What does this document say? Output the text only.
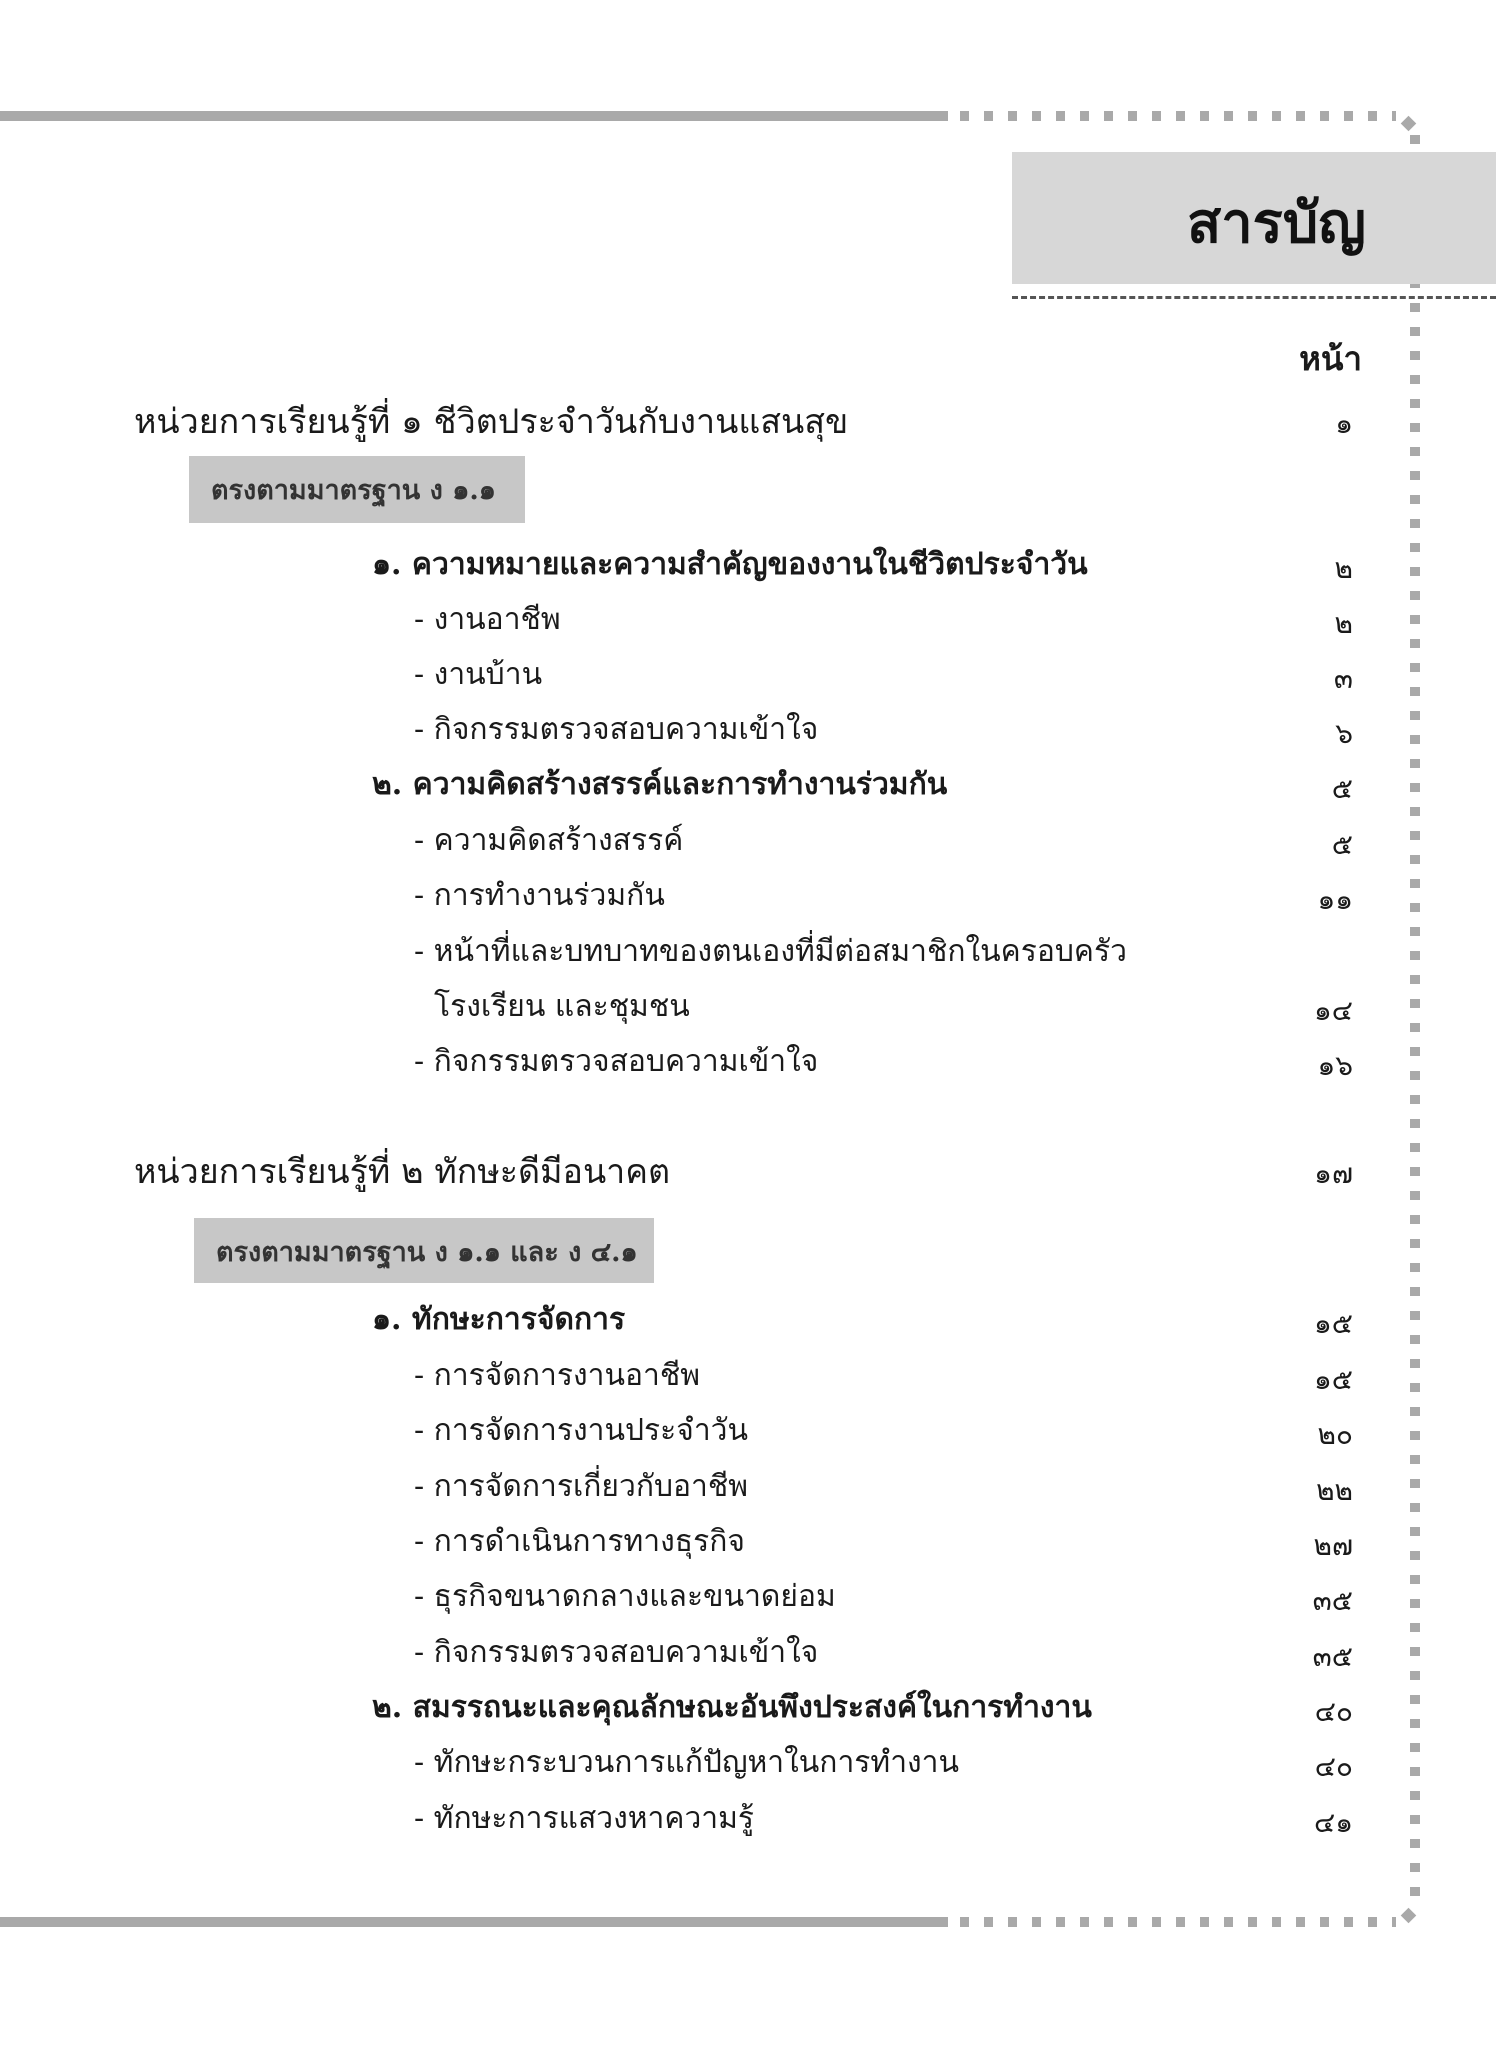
สารบัญ
หน้า
หน่วยการเรียนรู้ที่ ๑ ชีวิตประจำวันกับงานแสนสุข	๑
ตรงตามมาตรฐาน ง ๑.๑
๑. ความหมายและความสำคัญของงานในชีวิตประจำวัน	๒
- งานอาชีพ	๒
- งานบ้าน	๓
- กิจกรรมตรวจสอบความเข้าใจ	๖
๒. ความคิดสร้างสรรค์และการทำงานร่วมกัน	๕
- ความคิดสร้างสรรค์	๕
- การทำงานร่วมกัน	๑๑
- หน้าที่และบทบาทของตนเองที่มีต่อสมาชิกในครอบครัว
โรงเรียน และชุมชน	๑๔
- กิจกรรมตรวจสอบความเข้าใจ	๑๖
หน่วยการเรียนรู้ที่ ๒ ทักษะดีมีอนาคต	๑๗
ตรงตามมาตรฐาน ง ๑.๑ และ ง ๔.๑
๑. ทักษะการจัดการ	๑๕
- การจัดการงานอาชีพ	๑๕
- การจัดการงานประจำวัน	๒๐
- การจัดการเกี่ยวกับอาชีพ	๒๒
- การดำเนินการทางธุรกิจ	๒๗
- ธุรกิจขนาดกลางและขนาดย่อม	๓๕
- กิจกรรมตรวจสอบความเข้าใจ	๓๕
๒. สมรรถนะและคุณลักษณะอันพึงประสงค์ในการทำงาน	๔๐
- ทักษะกระบวนการแก้ปัญหาในการทำงาน	๔๐
- ทักษะการแสวงหาความรู้	๔๑
